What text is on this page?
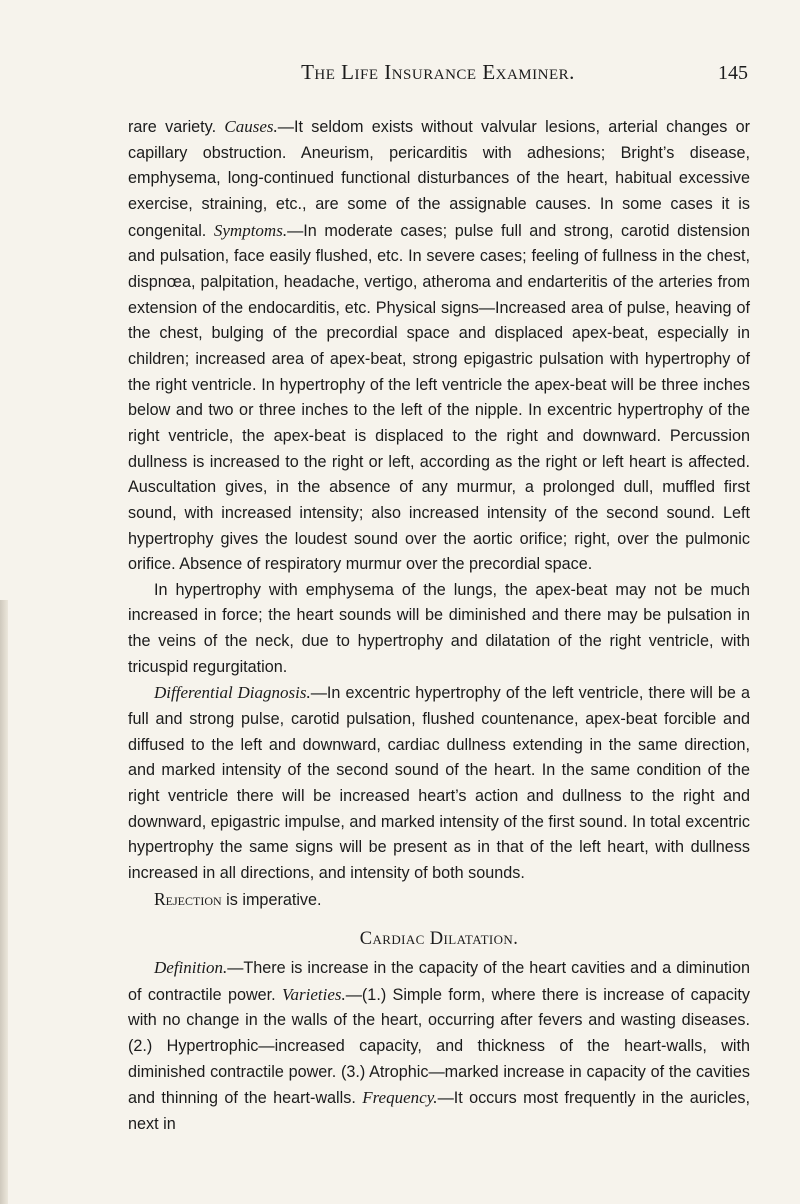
The Life Insurance Examiner.	145

rare variety. Causes.—It seldom exists without valvular lesions, arterial changes or capillary obstruction. Aneurism, pericarditis with adhesions; Bright’s disease, emphysema, long-continued functional disturbances of the heart, habitual excessive exercise, straining, etc., are some of the assignable causes. In some cases it is congenital. Symptoms.—In moderate cases; pulse full and strong, carotid distension and pulsation, face easily flushed, etc. In severe cases; feeling of fullness in the chest, dispnœa, palpitation, headache, vertigo, atheroma and endarteritis of the arteries from extension of the endocarditis, etc. Physical signs—Increased area of pulse, heaving of the chest, bulging of the precordial space and displaced apex-beat, especially in children; increased area of apex-beat, strong epigastric pulsation with hypertrophy of the right ventricle. In hypertrophy of the left ventricle the apex-beat will be three inches below and two or three inches to the left of the nipple. In excentric hypertrophy of the right ventricle, the apex-beat is displaced to the right and downward. Percussion dullness is increased to the right or left, according as the right or left heart is affected. Auscultation gives, in the absence of any murmur, a prolonged dull, muffled first sound, with increased intensity; also increased intensity of the second sound. Left hypertrophy gives the loudest sound over the aortic orifice; right, over the pulmonic orifice. Absence of respiratory murmur over the precordial space.

In hypertrophy with emphysema of the lungs, the apex-beat may not be much increased in force; the heart sounds will be diminished and there may be pulsation in the veins of the neck, due to hypertrophy and dilatation of the right ventricle, with tricuspid regurgitation.

Differential Diagnosis.—In excentric hypertrophy of the left ventricle, there will be a full and strong pulse, carotid pulsation, flushed countenance, apex-beat forcible and diffused to the left and downward, cardiac dullness extending in the same direction, and marked intensity of the second sound of the heart. In the same condition of the right ventricle there will be increased heart’s action and dullness to the right and downward, epigastric impulse, and marked intensity of the first sound. In total excentric hypertrophy the same signs will be present as in that of the left heart, with dullness increased in all directions, and intensity of both sounds.

Rejection is imperative.

Cardiac Dilatation.

Definition.—There is increase in the capacity of the heart cavities and a diminution of contractile power. Varieties.—(1.) Simple form, where there is increase of capacity with no change in the walls of the heart, occurring after fevers and wasting diseases. (2.) Hypertrophic—increased capacity, and thickness of the heart-walls, with diminished contractile power. (3.) Atrophic—marked increase in capacity of the cavities and thinning of the heart-walls. Frequency.—It occurs most frequently in the auricles, next in
